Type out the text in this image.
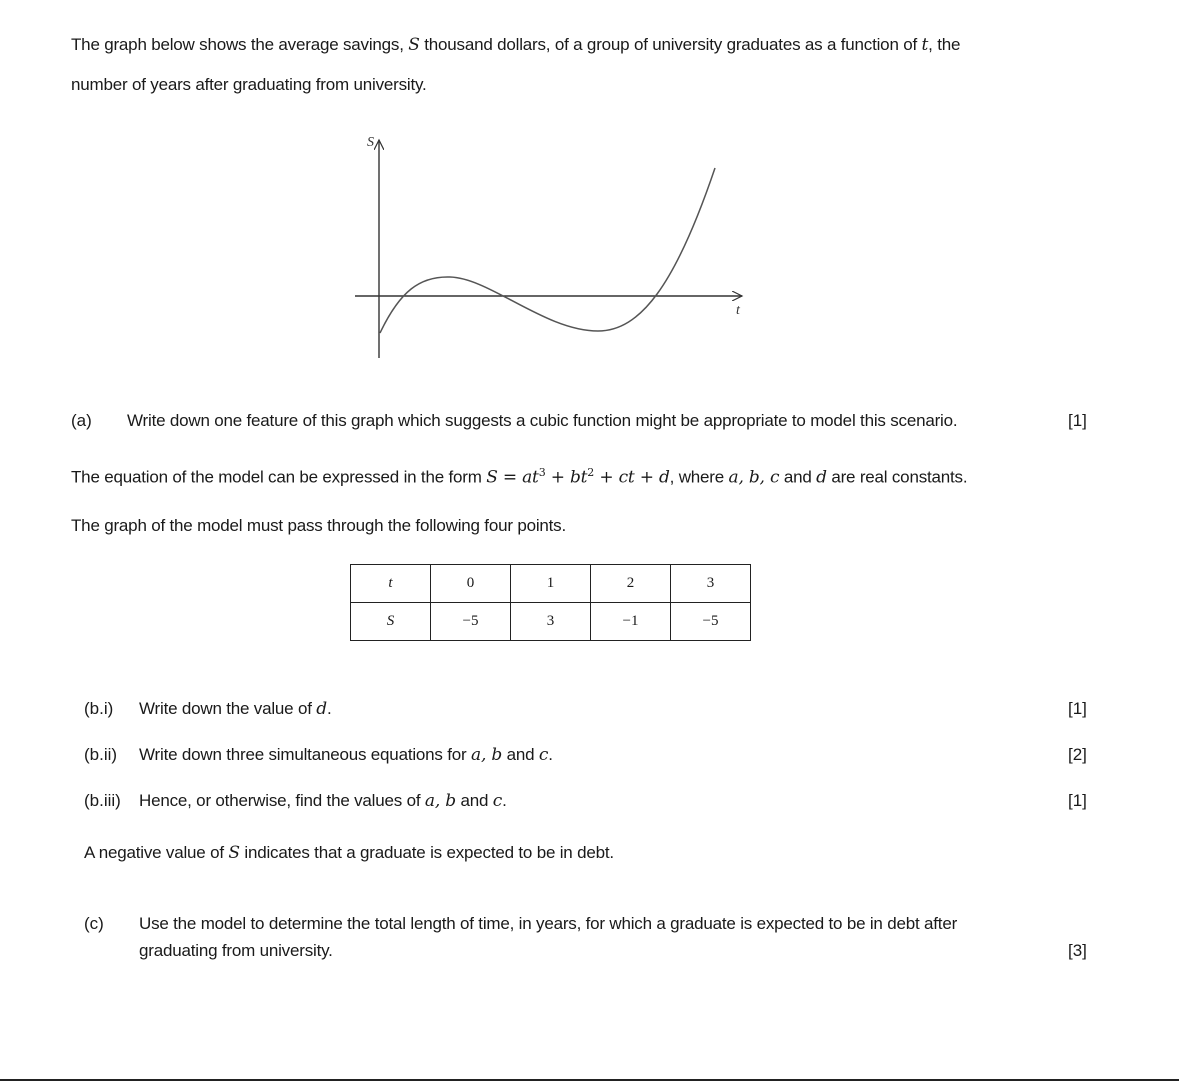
The graph below shows the average savings, S thousand dollars, of a group of university graduates as a function of t, the
number of years after graduating from university.
S
t
(a) Write down one feature of this graph which suggests a cubic function might be appropriate to model this scenario.	[1]
The equation of the model can be expressed in the form $S = at^3 + bt^2$ + ct + d, where a, b, c and d are real constants.
The graph of the model must pass through the following four points.
t	0	1	2	3
S	−5	3	−1	−5
(b.i) Write down the value of d.	[1]
(b.ii) Write down three simultaneous equations for a, b and c.	[2]
(b.iii) Hence, or otherwise, find the values of a, b and c.	[1]
A negative value of S indicates that a graduate is expected to be in debt.
(c) Use the model to determine the total length of time, in years, for which a graduate is expected to be in debt after
graduating from university.	[3]
